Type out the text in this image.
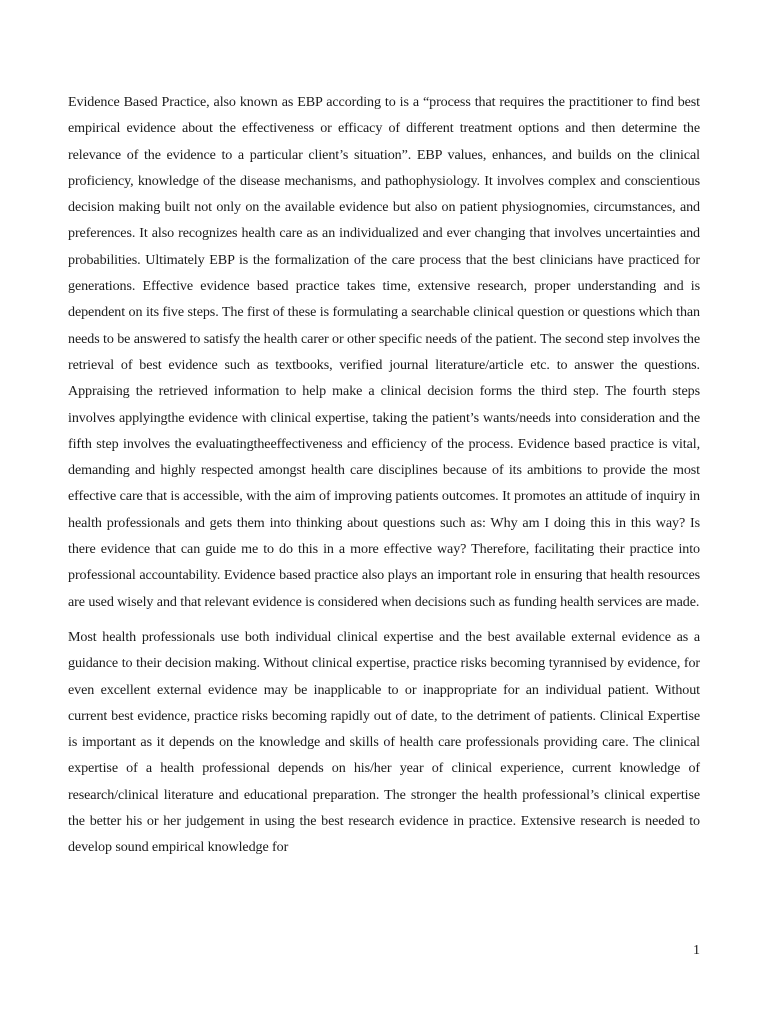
Evidence Based Practice, also known as EBP according to is a “process that requires the practitioner to find best empirical evidence about the effectiveness or efficacy of different treatment options and then determine the relevance of the evidence to a particular client’s situation”. EBP values, enhances, and builds on the clinical proficiency, knowledge of the disease mechanisms, and pathophysiology. It involves complex and conscientious decision making built not only on the available evidence but also on patient physiognomies, circumstances, and preferences. It also recognizes health care as an individualized and ever changing that involves uncertainties and probabilities. Ultimately EBP is the formalization of the care process that the best clinicians have practiced for generations. Effective evidence based practice takes time, extensive research, proper understanding and is dependent on its five steps. The first of these is formulating a searchable clinical question or questions which than needs to be answered to satisfy the health carer or other specific needs of the patient. The second step involves the retrieval of best evidence such as textbooks, verified journal literature/article etc. to answer the questions. Appraising the retrieved information to help make a clinical decision forms the third step. The fourth steps involves applyingthe evidence with clinical expertise, taking the patient’s wants/needs into consideration and the fifth step involves the evaluatingtheeffectiveness and efficiency of the process. Evidence based practice is vital, demanding and highly respected amongst health care disciplines because of its ambitions to provide the most effective care that is accessible, with the aim of improving patients outcomes. It promotes an attitude of inquiry in health professionals and gets them into thinking about questions such as: Why am I doing this in this way? Is there evidence that can guide me to do this in a more effective way? Therefore, facilitating their practice into professional accountability. Evidence based practice also plays an important role in ensuring that health resources are used wisely and that relevant evidence is considered when decisions such as funding health services are made.

Most health professionals use both individual clinical expertise and the best available external evidence as a guidance to their decision making. Without clinical expertise, practice risks becoming tyrannised by evidence, for even excellent external evidence may be inapplicable to or inappropriate for an individual patient. Without current best evidence, practice risks becoming rapidly out of date, to the detriment of patients. Clinical Expertise is important as it depends on the knowledge and skills of health care professionals providing care. The clinical expertise of a health professional depends on his/her year of clinical experience, current knowledge of research/clinical literature and educational preparation. The stronger the health professional’s clinical expertise the better his or her judgement in using the best research evidence in practice. Extensive research is needed to develop sound empirical knowledge for

1
